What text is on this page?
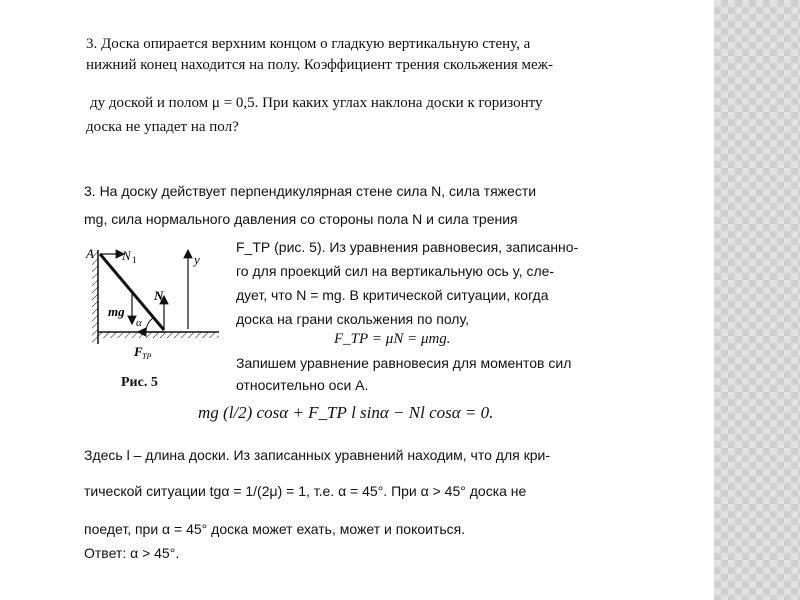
3. Доска опирается верхним концом о гладкую вертикальную стену, а
нижний конец находится на полу. Коэффициент трения скольжения меж-
ду доской и полом μ = 0,5. При каких углах наклона доски к горизонту
доска не упадет на пол?
3. На доску действует перпендикулярная стене сила N, сила тяжести
mg, сила нормального давления со стороны пола N и сила трения
F_ТР (рис. 5). Из уравнения равновесия, записанно-
го для проекций сил на вертикальную ось y, сле-
дует, что N = mg. В критической ситуации, когда
доска на грани скольжения по полу,
F_ТР = μN = μmg.
Запишем уравнение равновесия для моментов сил
относительно оси A.
mg (l/2) cosα + F_ТР l sinα − Nl cosα = 0.
Здесь l – длина доски. Из записанных уравнений находим, что для кри-
тической ситуации tgα = 1/(2μ) = 1, т.е. α = 45°. При α > 45° доска не
поедет, при α = 45° доска может ехать, может и покоиться.
Ответ: α > 45°.
A N 1	y
N
mg
α
F ТР
Рис. 5
